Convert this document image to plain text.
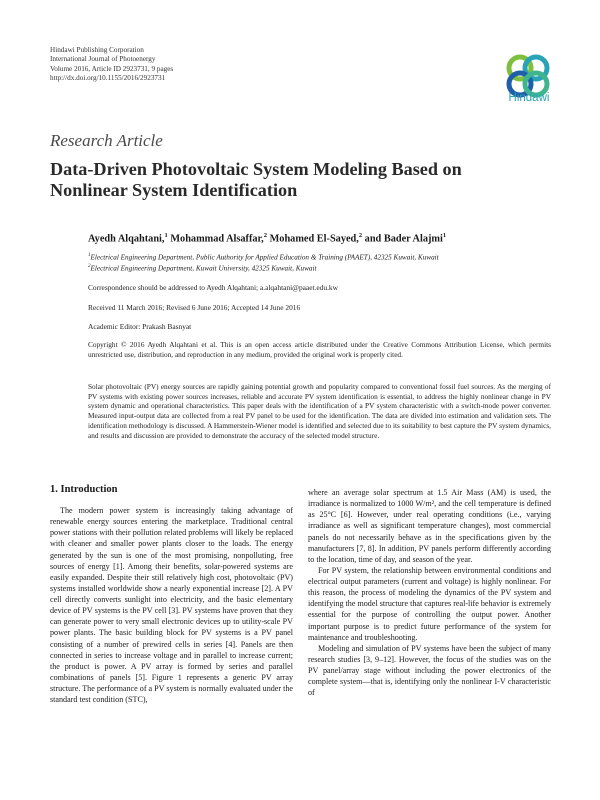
Hindawi Publishing Corporation
International Journal of Photoenergy
Volume 2016, Article ID 2923731, 9 pages
http://dx.doi.org/10.1155/2016/2923731
Hindawi
Research Article
Data-Driven Photovoltaic System Modeling Based on
Nonlinear System Identification
Ayedh Alqahtani,$^1$ Mohammad Alsaffar,$^2$ Mohamed El-Sayed,$^2$ and Bader Alajmi$^1$
$^1$Electrical Engineering Department, Public Authority for Applied Education & Training (PAAET), 42325 Kuwait, Kuwait
$^2$Electrical Engineering Department, Kuwait University, 42325 Kuwait, Kuwait
Correspondence should be addressed to Ayedh Alqahtani; a.alqahtani@paaet.edu.kw
Received 11 March 2016; Revised 6 June 2016; Accepted 14 June 2016
Academic Editor: Prakash Basnyat
Copyright © 2016 Ayedh Alqahtani et al. This is an open access article distributed under the Creative Commons Attribution License, which permits unrestricted use, distribution, and reproduction in any medium, provided the original work is properly cited.
Solar photovoltaic (PV) energy sources are rapidly gaining potential growth and popularity compared to conventional fossil fuel sources. As the merging of PV systems with existing power sources increases, reliable and accurate PV system identification is essential, to address the highly nonlinear change in PV system dynamic and operational characteristics. This paper deals with the identification of a PV system characteristic with a switch-mode power converter. Measured input-output data are collected from a real PV panel to be used for the identification. The data are divided into estimation and validation sets. The identification methodology is discussed. A Hammerstein-Wiener model is identified and selected due to its suitability to best capture the PV system dynamics, and results and discussion are provided to demonstrate the accuracy of the selected model structure.
1. Introduction

The modern power system is increasingly taking advantage of renewable energy sources entering the marketplace. Traditional central power stations with their pollution related problems will likely be replaced with cleaner and smaller power plants closer to the loads. The energy generated by the sun is one of the most promising, nonpolluting, free sources of energy [1]. Among their benefits, solar-powered systems are easily expanded. Despite their still relatively high cost, photovoltaic (PV) systems installed worldwide show a nearly exponential increase [2]. A PV cell directly converts sunlight into electricity, and the basic elementary device of PV systems is the PV cell [3]. PV systems have proven that they can generate power to very small electronic devices up to utility-scale PV power plants. The basic building block for PV systems is a PV panel consisting of a number of prewired cells in series [4]. Panels are then connected in series to increase voltage and in parallel to increase current; the product is power. A PV array is formed by series and parallel combinations of panels [5]. Figure 1 represents a generic PV array structure. The performance of a PV system is normally evaluated under the standard test condition (STC),

where an average solar spectrum at 1.5 Air Mass (AM) is used, the irradiance is normalized to 1000 W/m², and the cell temperature is defined as 25°C [6]. However, under real operating conditions (i.e., varying irradiance as well as significant temperature changes), most commercial panels do not necessarily behave as in the specifications given by the manufacturers [7, 8]. In addition, PV panels perform differently according to the location, time of day, and season of the year.

For PV system, the relationship between environmental conditions and electrical output parameters (current and voltage) is highly nonlinear. For this reason, the process of modeling the dynamics of the PV system and identifying the model structure that captures real-life behavior is extremely essential for the purpose of controlling the output power. Another important purpose is to predict future performance of the system for maintenance and troubleshooting.

Modeling and simulation of PV systems have been the subject of many research studies [3, 9–12]. However, the focus of the studies was on the PV panel/array stage without including the power electronics of the complete system—that is, identifying only the nonlinear I-V characteristic of
